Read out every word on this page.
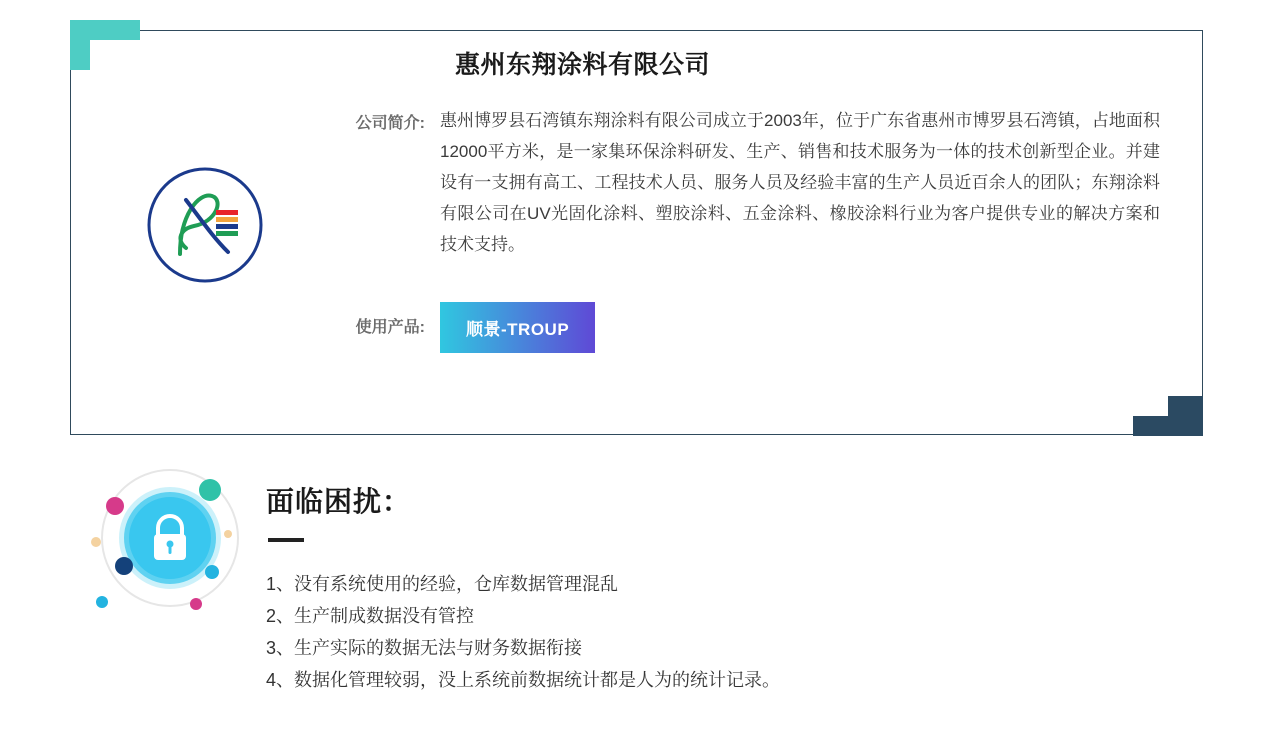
惠州东翔涂料有限公司
公司简介: 惠州博罗县石湾镇东翔涂料有限公司成立于2003年，位于广东省惠州市博罗县石湾镇，占地面积12000平方米，是一家集环保涂料研发、生产、销售和技术服务为一体的技术创新型企业。并建设有一支拥有高工、工程技术人员、服务人员及经验丰富的生产人员近百余人的团队；东翔涂料有限公司在UV光固化涂料、塑胶涂料、五金涂料、橡胶涂料行业为客户提供专业的解决方案和技术支持。
使用产品:	顺景-TROUP
面临困扰：
1、没有系统使用的经验，仓库数据管理混乱
2、生产制成数据没有管控
3、生产实际的数据无法与财务数据衔接
4、数据化管理较弱，没上系统前数据统计都是人为的统计记录。
